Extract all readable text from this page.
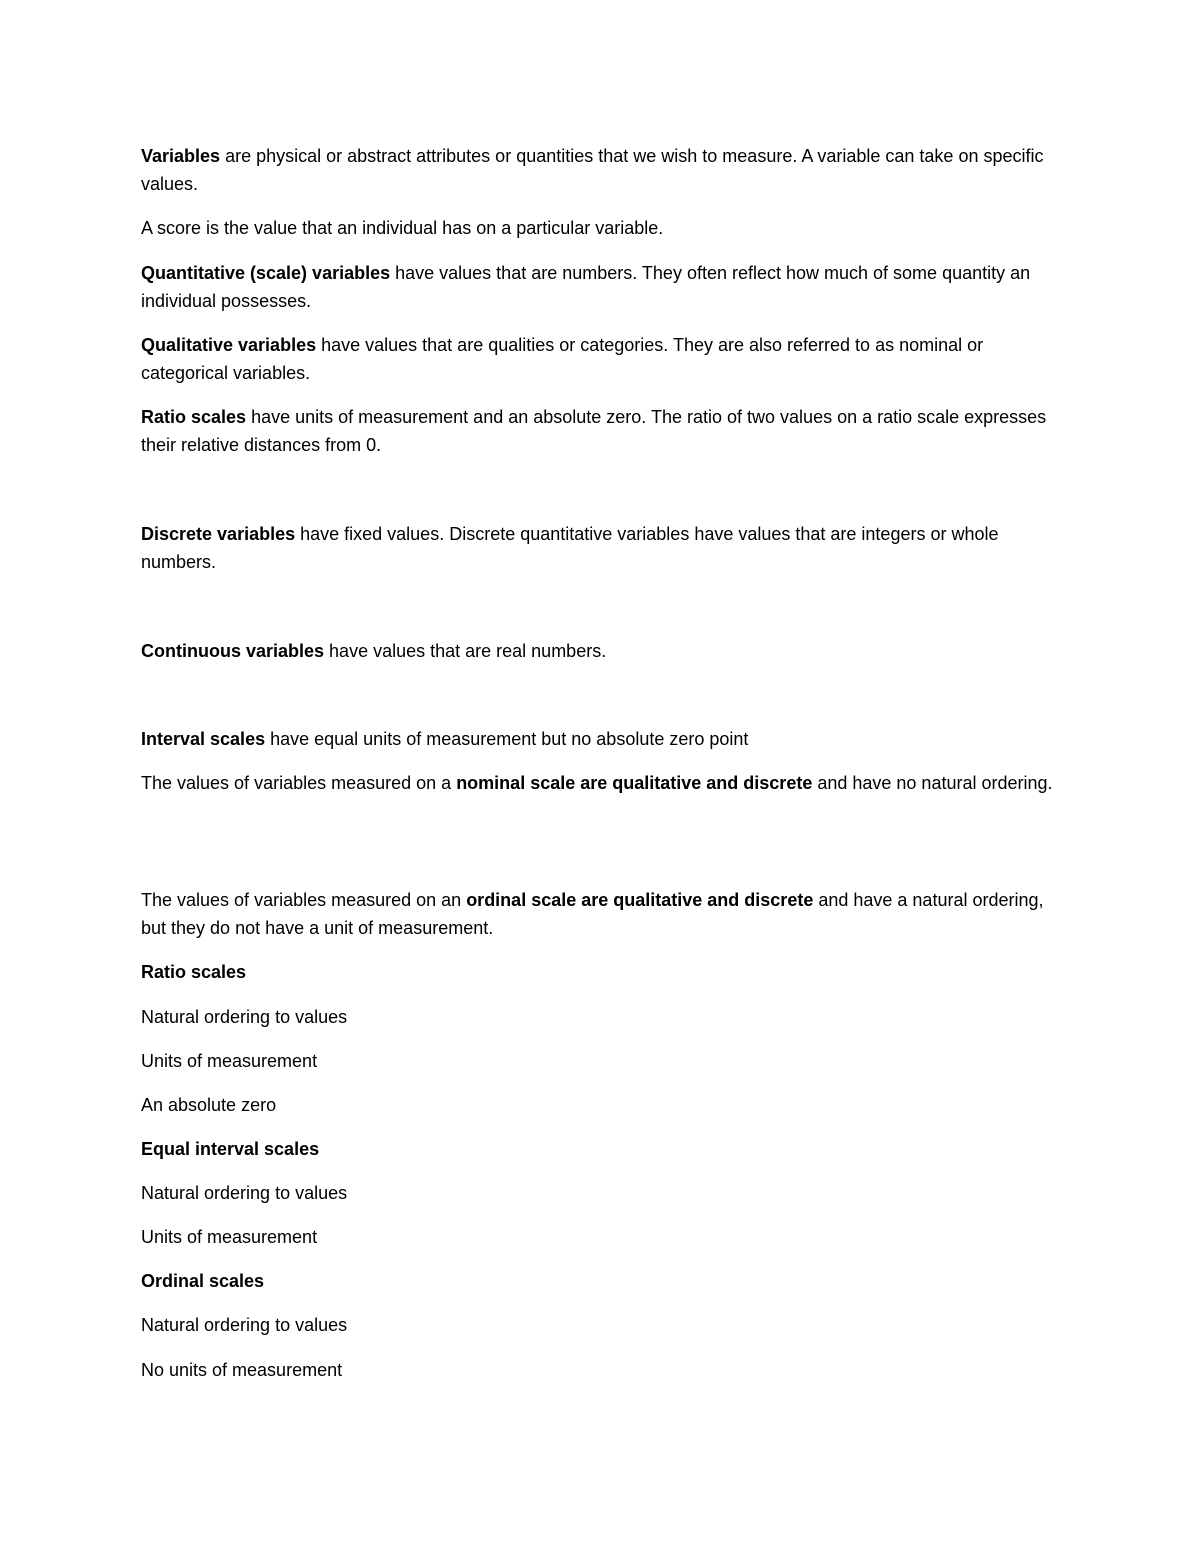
Variables are physical or abstract attributes or quantities that we wish to measure. A variable can take on specific values.

A score is the value that an individual has on a particular variable.

Quantitative (scale) variables have values that are numbers. They often reflect how much of some quantity an individual possesses.

Qualitative variables have values that are qualities or categories. They are also referred to as nominal or categorical variables.

Ratio scales have units of measurement and an absolute zero. The ratio of two values on a ratio scale expresses their relative distances from 0.

Discrete variables have fixed values. Discrete quantitative variables have values that are integers or whole numbers.

Continuous variables have values that are real numbers.

Interval scales have equal units of measurement but no absolute zero point

The values of variables measured on a nominal scale are qualitative and discrete and have no natural ordering.

The values of variables measured on an ordinal scale are qualitative and discrete and have a natural ordering, but they do not have a unit of measurement.

Ratio scales

Natural ordering to values

Units of measurement

An absolute zero

Equal interval scales

Natural ordering to values

Units of measurement

Ordinal scales

Natural ordering to values

No units of measurement
